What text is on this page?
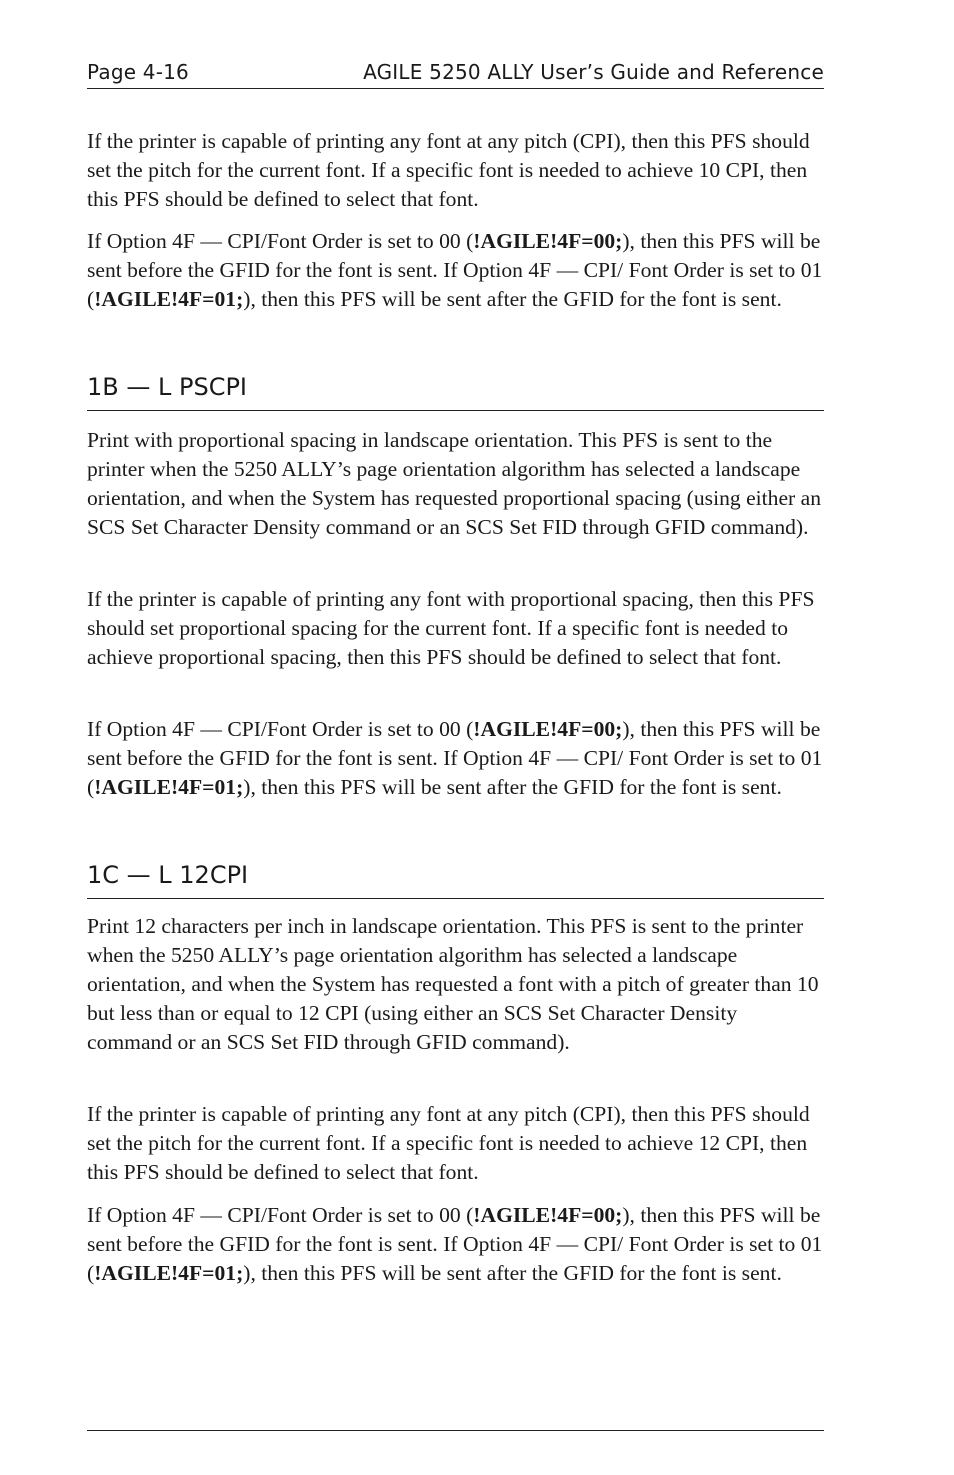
Page 4-16	AGILE 5250 ALLY User’s Guide and Reference

If the printer is capable of printing any font at any pitch (CPI), then this PFS should set the pitch for the current font. If a specific font is needed to achieve 10 CPI, then this PFS should be defined to select that font.

If Option 4F — CPI/Font Order is set to 00 (!AGILE!4F=00;), then this PFS will be sent before the GFID for the font is sent. If Option 4F — CPI/ Font Order is set to 01 (!AGILE!4F=01;), then this PFS will be sent after the GFID for the font is sent.

1B — L PSCPI

Print with proportional spacing in landscape orientation. This PFS is sent to the printer when the 5250 ALLY’s page orientation algorithm has selected a landscape orientation, and when the System has requested proportional spacing (using either an SCS Set Character Density command or an SCS Set FID through GFID command).

If the printer is capable of printing any font with proportional spacing, then this PFS should set proportional spacing for the current font. If a specific font is needed to achieve proportional spacing, then this PFS should be defined to select that font.

If Option 4F — CPI/Font Order is set to 00 (!AGILE!4F=00;), then this PFS will be sent before the GFID for the font is sent. If Option 4F — CPI/ Font Order is set to 01 (!AGILE!4F=01;), then this PFS will be sent after the GFID for the font is sent.

1C — L 12CPI

Print 12 characters per inch in landscape orientation. This PFS is sent to the printer when the 5250 ALLY’s page orientation algorithm has selected a landscape orientation, and when the System has requested a font with a pitch of greater than 10 but less than or equal to 12 CPI (using either an SCS Set Character Density command or an SCS Set FID through GFID command).

If the printer is capable of printing any font at any pitch (CPI), then this PFS should set the pitch for the current font. If a specific font is needed to achieve 12 CPI, then this PFS should be defined to select that font.

If Option 4F — CPI/Font Order is set to 00 (!AGILE!4F=00;), then this PFS will be sent before the GFID for the font is sent. If Option 4F — CPI/ Font Order is set to 01 (!AGILE!4F=01;), then this PFS will be sent after the GFID for the font is sent.
